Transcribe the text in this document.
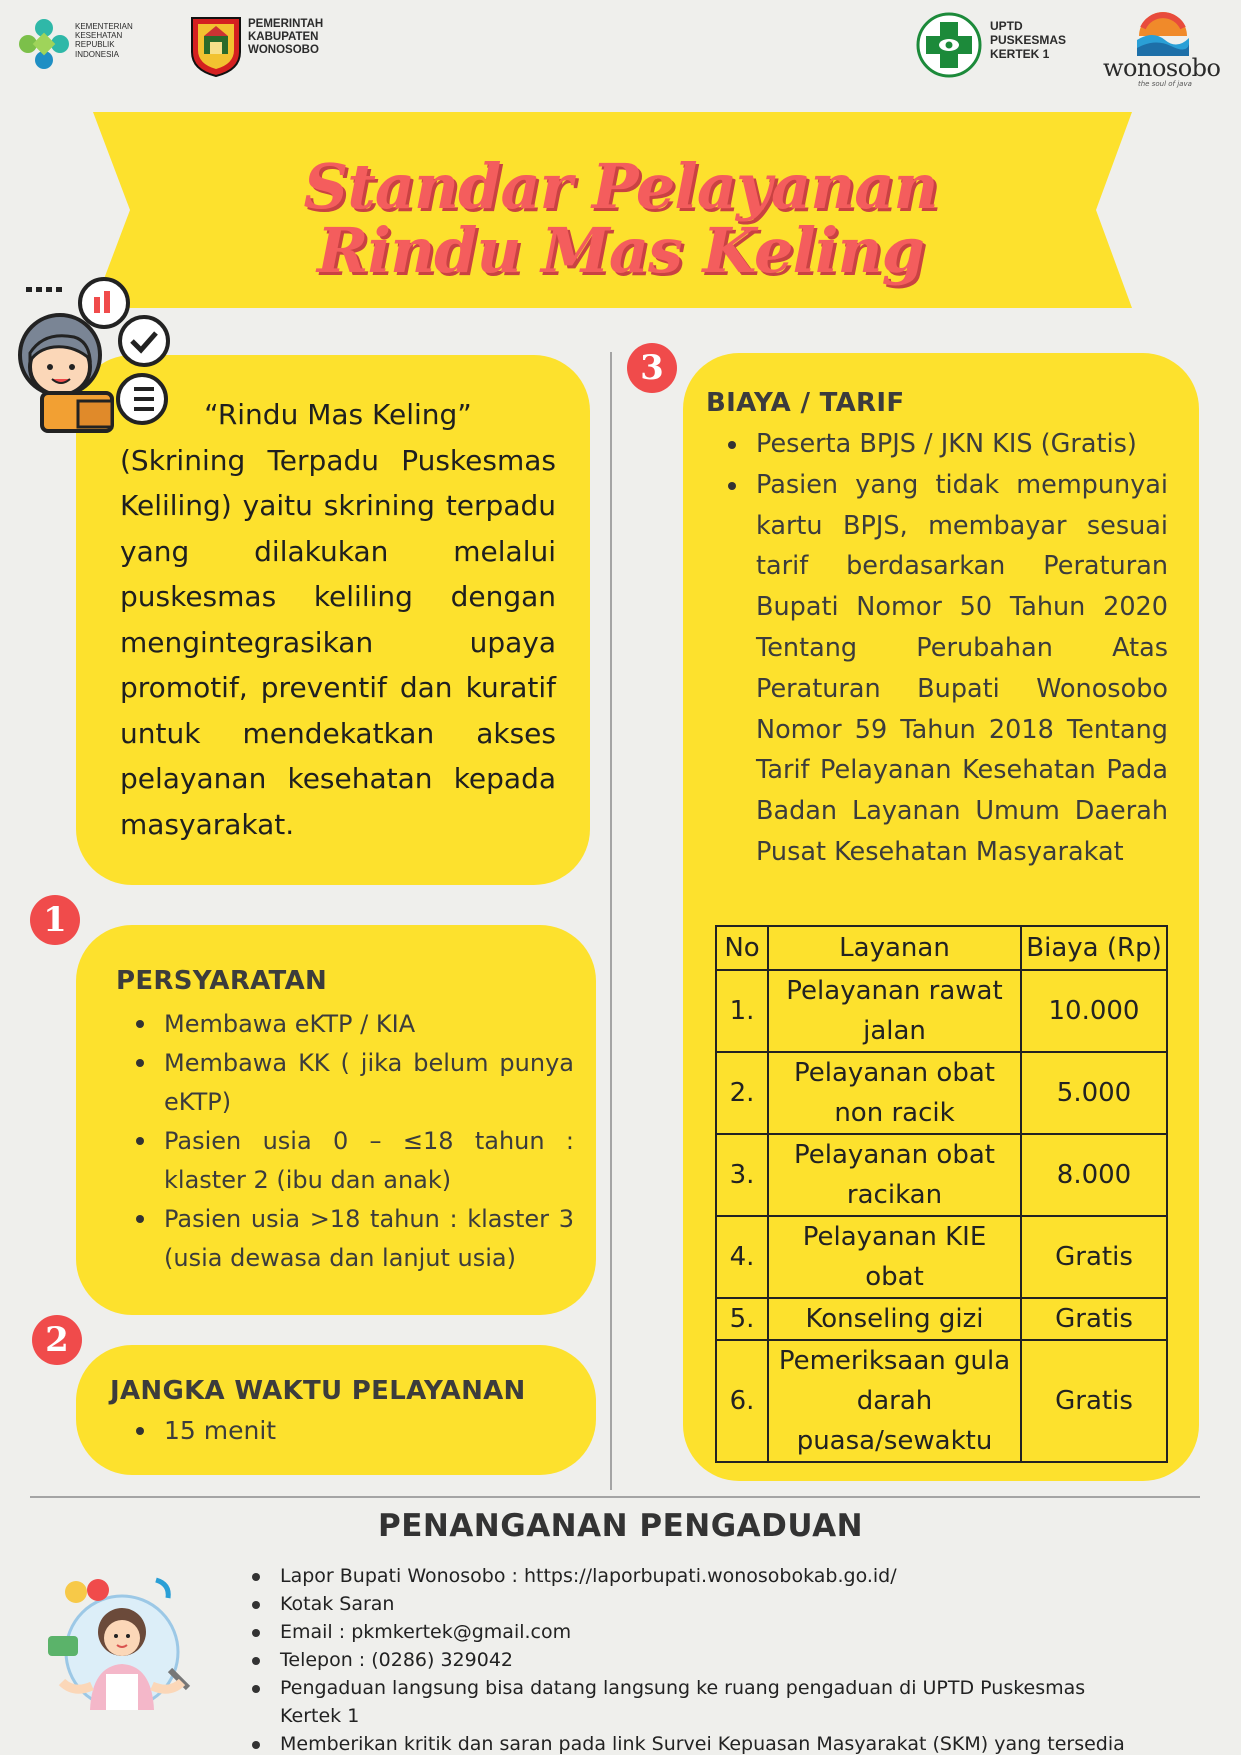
KEMENTERIAN
KESEHATAN
REPUBLIK
INDONESIA
PEMERINTAH
KABUPATEN
WONOSOBO
UPTD
PUSKESMAS
KERTEK 1
wonosobo
the soul of java
Standar Pelayanan
Rindu Mas Keling
“Rindu Mas Keling”
(Skrining Terpadu Puskesmas Keliling) yaitu skrining terpadu yang dilakukan melalui puskesmas keliling dengan mengintegrasikan upaya promotif, preventif dan kuratif untuk mendekatkan akses pelayanan kesehatan kepada masyarakat.
1
PERSYARATAN
Membawa eKTP / KIA
Membawa KK ( jika belum punya eKTP)
Pasien usia 0 – ≤18 tahun : klaster 2 (ibu dan anak)
Pasien usia >18 tahun : klaster 3 (usia dewasa dan lanjut usia)
2
JANGKA WAKTU PELAYANAN
15 menit
3
BIAYA / TARIF
Peserta BPJS / JKN KIS (Gratis)
Pasien yang tidak mempunyai kartu BPJS, membayar sesuai tarif berdasarkan Peraturan Bupati Nomor 50 Tahun 2020 Tentang Perubahan Atas Peraturan Bupati Wonosobo Nomor 59 Tahun 2018 Tentang Tarif Pelayanan Kesehatan Pada Badan Layanan Umum Daerah Pusat Kesehatan Masyarakat
No	Layanan	Biaya (Rp)
1.	Pelayanan rawat jalan	10.000
2.	Pelayanan obat non racik	5.000
3.	Pelayanan obat racikan	8.000
4.	Pelayanan KIE obat	Gratis
5.	Konseling gizi	Gratis
6.	Pemeriksaan gula darah puasa/sewaktu	Gratis
PENANGANAN PENGADUAN
Lapor Bupati Wonosobo : https://laporbupati.wonosobokab.go.id/
Kotak Saran
Email : pkmkertek@gmail.com
Telepon : (0286) 329042
Pengaduan langsung bisa datang langsung ke ruang pengaduan di UPTD Puskesmas Kertek 1
Memberikan kritik dan saran pada link Survei Kepuasan Masyarakat (SKM) yang tersedia
